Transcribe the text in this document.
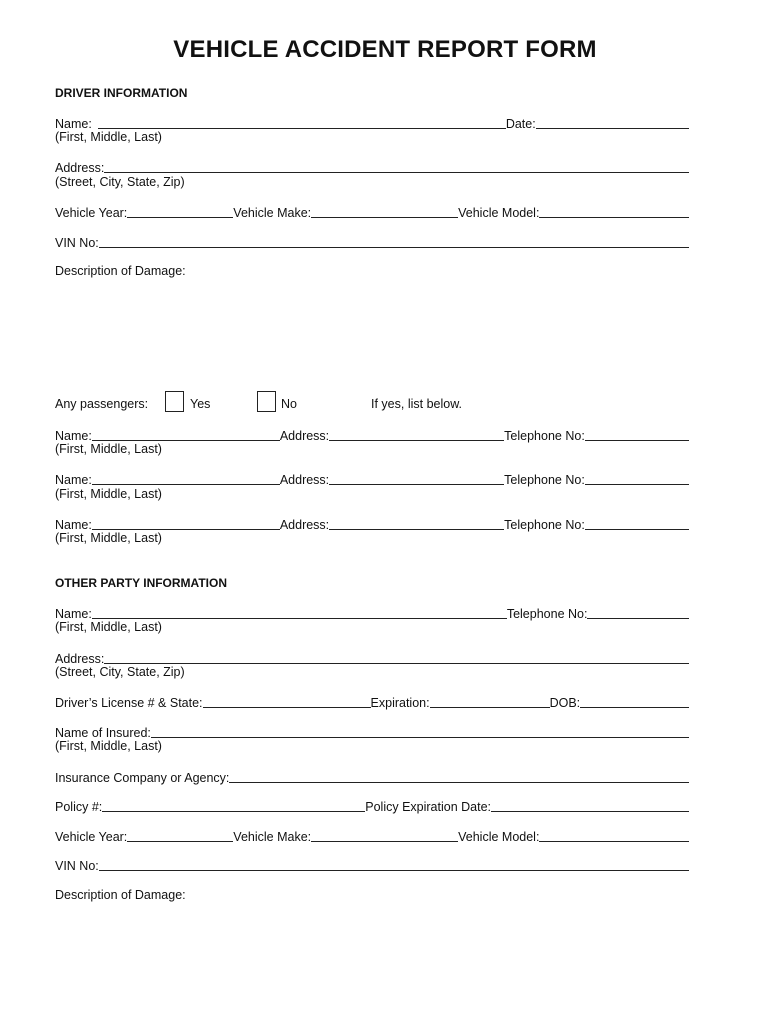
VEHICLE ACCIDENT REPORT FORM
DRIVER INFORMATION
Name:	Date:
(First, Middle, Last)
Address:
(Street, City, State, Zip)
Vehicle Year:	Vehicle Make:	Vehicle Model:
VIN No:
Description of Damage:
Any passengers:	Yes	No	If yes, list below.
Name:	Address:	Telephone No:
(First, Middle, Last)
Name:	Address:	Telephone No:
(First, Middle, Last)
Name:	Address:	Telephone No:
(First, Middle, Last)
OTHER PARTY INFORMATION
Name:	Telephone No:
(First, Middle, Last)
Address:
(Street, City, State, Zip)
Driver’s License # & State:	Expiration:	DOB:
Name of Insured:
(First, Middle, Last)
Insurance Company or Agency:
Policy #:	Policy Expiration Date:
Vehicle Year:	Vehicle Make:	Vehicle Model:
VIN No:
Description of Damage:
